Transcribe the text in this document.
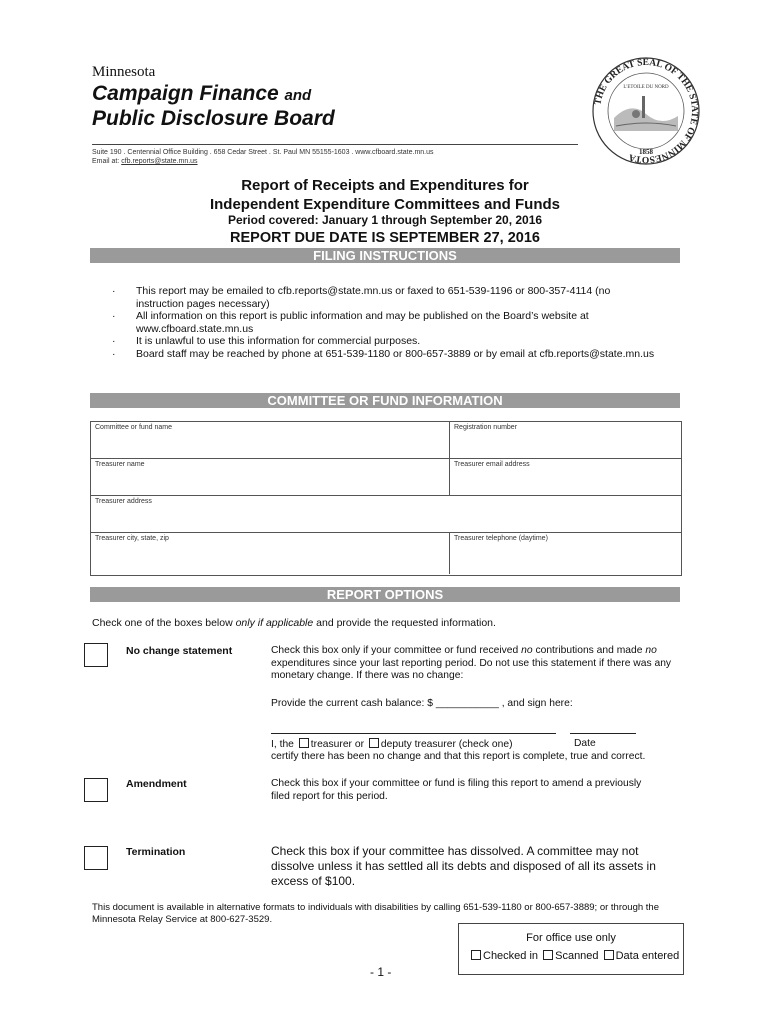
Minnesota
Campaign Finance and
Public Disclosure Board
Suite 190 . Centennial Office Building . 658 Cedar Street . St. Paul MN 55155-1603 . www.cfboard.state.mn.us
Email at: cfb.reports@state.mn.us
THE GREAT SEAL OF THE STATE OF MINNESOTA
L'ETOILE DU NORD
1858
Report of Receipts and Expenditures for
Independent Expenditure Committees and Funds
Period covered: January 1 through September 20, 2016
REPORT DUE DATE IS SEPTEMBER 27, 2016
FILING INSTRUCTIONS
· This report may be emailed to cfb.reports@state.mn.us or faxed to 651-539-1196 or 800-357-4114 (no instruction pages necessary)
· All information on this report is public information and may be published on the Board’s website at www.cfboard.state.mn.us
· It is unlawful to use this information for commercial purposes.
· Board staff may be reached by phone at 651-539-1180 or 800-657-3889 or by email at cfb.reports@state.mn.us
COMMITTEE OR FUND INFORMATION
Committee or fund name	Registration number
Treasurer name	Treasurer email address
Treasurer address
Treasurer city, state, zip	Treasurer telephone (daytime)
REPORT OPTIONS
Check one of the boxes below only if applicable and provide the requested information.
No change statement	Check this box only if your committee or fund received no contributions and made no expenditures since your last reporting period. Do not use this statement if there was any monetary change. If there was no change:
Provide the current cash balance: $ ___________ , and sign here:
I, the treasurer or deputy treasurer (check one)	Date
certify there has been no change and that this report is complete, true and correct.
Amendment	Check this box if your committee or fund is filing this report to amend a previously filed report for this period.
Termination	Check this box if your committee has dissolved. A committee may not dissolve unless it has settled all its debts and disposed of all its assets in excess of $100.
This document is available in alternative formats to individuals with disabilities by calling 651-539-1180 or 800-657-3889; or through the Minnesota Relay Service at 800-627-3529.
For office use only
Checked in Scanned Data entered
- 1 -
